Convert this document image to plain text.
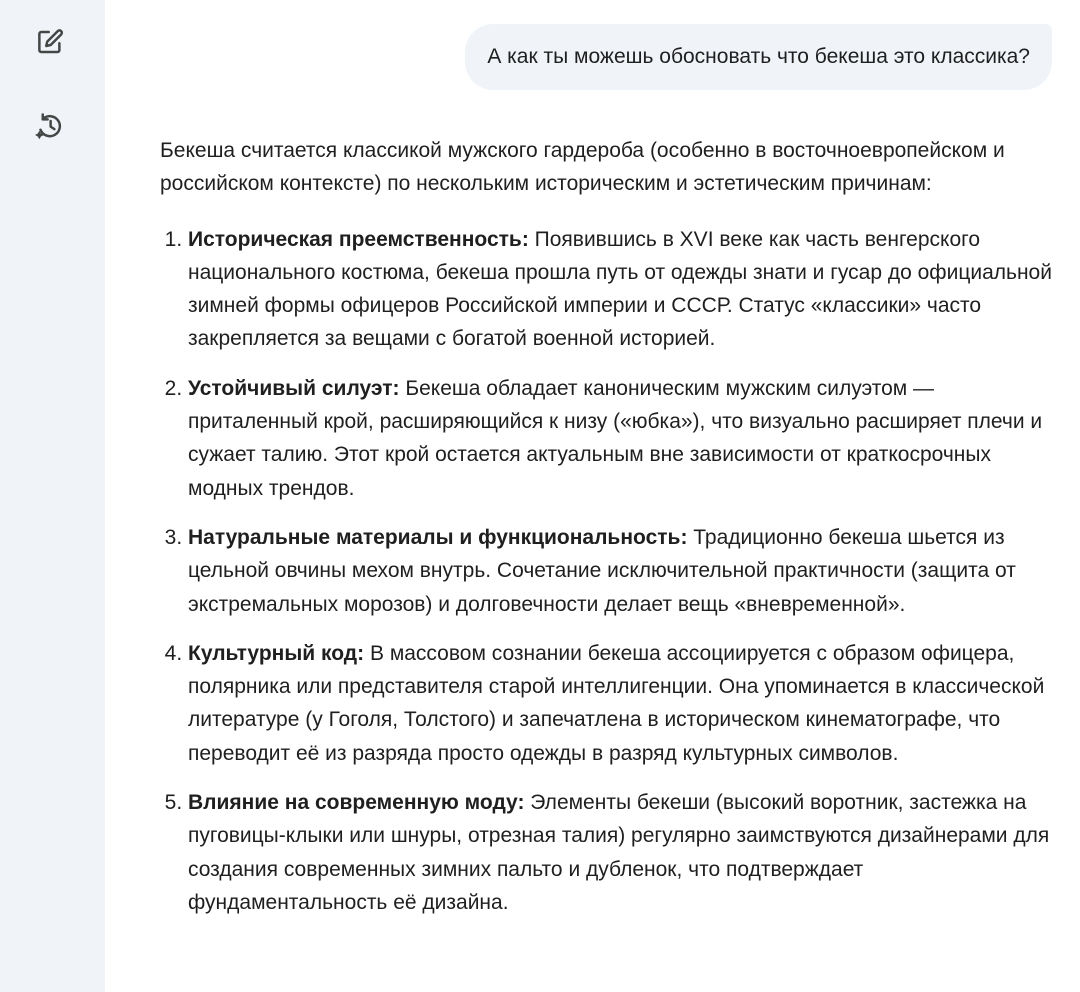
А как ты можешь обосновать что бекеша это классика?

Бекеша считается классикой мужского гардероба (особенно в восточноевропейском и российском контексте) по нескольким историческим и эстетическим причинам:

1. Историческая преемственность: Появившись в XVI веке как часть венгерского национального костюма, бекеша прошла путь от одежды знати и гусар до официальной зимней формы офицеров Российской империи и СССР. Статус «классики» часто закрепляется за вещами с богатой военной историей.
2. Устойчивый силуэт: Бекеша обладает каноническим мужским силуэтом — приталенный крой, расширяющийся к низу («юбка»), что визуально расширяет плечи и сужает талию. Этот крой остается актуальным вне зависимости от краткосрочных модных трендов.
3. Натуральные материалы и функциональность: Традиционно бекеша шьется из цельной овчины мехом внутрь. Сочетание исключительной практичности (защита от экстремальных морозов) и долговечности делает вещь «вневременной».
4. Культурный код: В массовом сознании бекеша ассоциируется с образом офицера, полярника или представителя старой интеллигенции. Она упоминается в классической литературе (у Гоголя, Толстого) и запечатлена в историческом кинематографе, что переводит её из разряда просто одежды в разряд культурных символов.
5. Влияние на современную моду: Элементы бекеши (высокий воротник, застежка на пуговицы-клыки или шнуры, отрезная талия) регулярно заимствуются дизайнерами для создания современных зимних пальто и дубленок, что подтверждает фундаментальность её дизайна.
